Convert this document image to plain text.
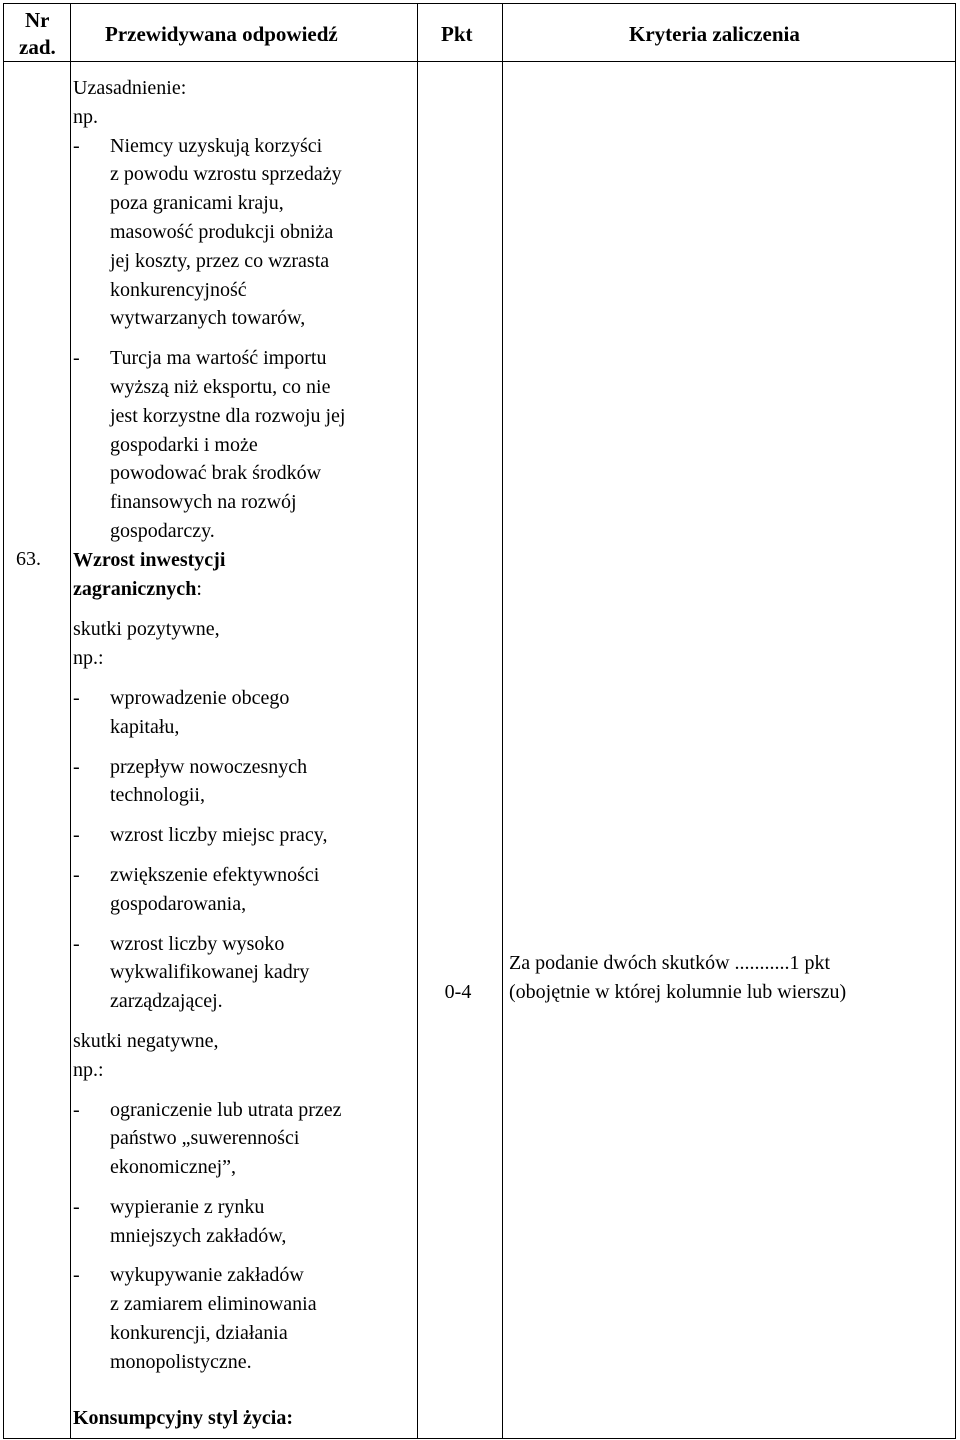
Nr
zad.
Przewidywana odpowiedź	Pkt	Kryteria zaliczenia
63.
Uzasadnienie:
np.
- Niemcy uzyskują korzyści
z powodu wzrostu sprzedaży
poza granicami kraju,
masowość produkcji obniża
jej koszty, przez co wzrasta
konkurencyjność
wytwarzanych towarów,
- Turcja ma wartość importu
wyższą niż eksportu, co nie
jest korzystne dla rozwoju jej
gospodarki i może
powodować brak środków
finansowych na rozwój
gospodarczy.
Wzrost inwestycji
zagranicznych:
skutki pozytywne,
np.:
- wprowadzenie obcego
kapitału,
- przepływ nowoczesnych
technologii,
- wzrost liczby miejsc pracy,
- zwiększenie efektywności
gospodarowania,
- wzrost liczby wysoko
wykwalifikowanej kadry
zarządzającej.
skutki negatywne,
np.:
- ograniczenie lub utrata przez
państwo „suwerenności
ekonomicznej”,
- wypieranie z rynku
mniejszych zakładów,
- wykupywanie zakładów
z zamiarem eliminowania
konkurencji, działania
monopolistyczne.
Konsumpcyjny styl życia:
0-4
Za podanie dwóch skutków ...........1 pkt
(obojętnie w której kolumnie lub wierszu)
